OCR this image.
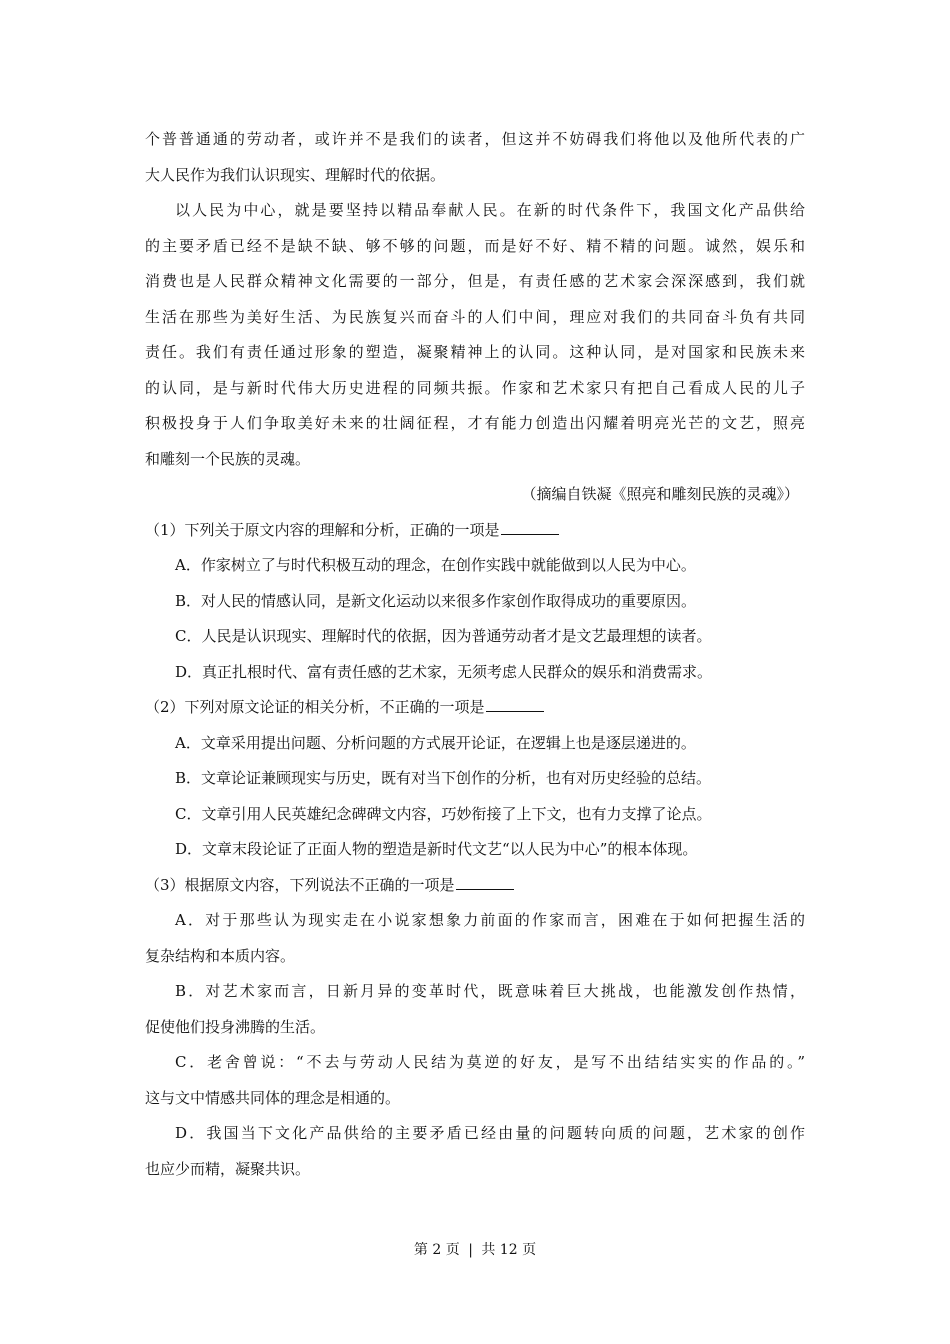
个普普通通的劳动者，或许并不是我们的读者，但这并不妨碍我们将他以及他所代表的广
大人民作为我们认识现实、理解时代的依据。
以人民为中心，就是要坚持以精品奉献人民。在新的时代条件下，我国文化产品供给
的主要矛盾已经不是缺不缺、够不够的问题，而是好不好、精不精的问题。诚然，娱乐和
消费也是人民群众精神文化需要的一部分，但是，有责任感的艺术家会深深感到，我们就
生活在那些为美好生活、为民族复兴而奋斗的人们中间，理应对我们的共同奋斗负有共同
责任。我们有责任通过形象的塑造，凝聚精神上的认同。这种认同，是对国家和民族未来
的认同，是与新时代伟大历史进程的同频共振。作家和艺术家只有把自己看成人民的儿子
积极投身于人们争取美好未来的壮阔征程，才有能力创造出闪耀着明亮光芒的文艺，照亮
和雕刻一个民族的灵魂。
（摘编自铁凝《照亮和雕刻民族的灵魂》）
（1）下列关于原文内容的理解和分析，正确的一项是
A．作家树立了与时代积极互动的理念，在创作实践中就能做到以人民为中心。
B．对人民的情感认同，是新文化运动以来很多作家创作取得成功的重要原因。
C．人民是认识现实、理解时代的依据，因为普通劳动者才是文艺最理想的读者。
D．真正扎根时代、富有责任感的艺术家，无须考虑人民群众的娱乐和消费需求。
（2）下列对原文论证的相关分析，不正确的一项是
A．文章采用提出问题、分析问题的方式展开论证，在逻辑上也是逐层递进的。
B．文章论证兼顾现实与历史，既有对当下创作的分析，也有对历史经验的总结。
C．文章引用人民英雄纪念碑碑文内容，巧妙衔接了上下文，也有力支撑了论点。
D．文章末段论证了正面人物的塑造是新时代文艺“以人民为中心”的根本体现。
（3）根据原文内容，下列说法不正确的一项是
A．对于那些认为现实走在小说家想象力前面的作家而言，困难在于如何把握生活的
复杂结构和本质内容。
B．对艺术家而言，日新月异的变革时代，既意味着巨大挑战，也能激发创作热情，
促使他们投身沸腾的生活。
C．老舍曾说：“不去与劳动人民结为莫逆的好友，是写不出结结实实的作品的。”
这与文中情感共同体的理念是相通的。
D．我国当下文化产品供给的主要矛盾已经由量的问题转向质的问题，艺术家的创作
也应少而精，凝聚共识。
第 2 页 | 共 12 页
